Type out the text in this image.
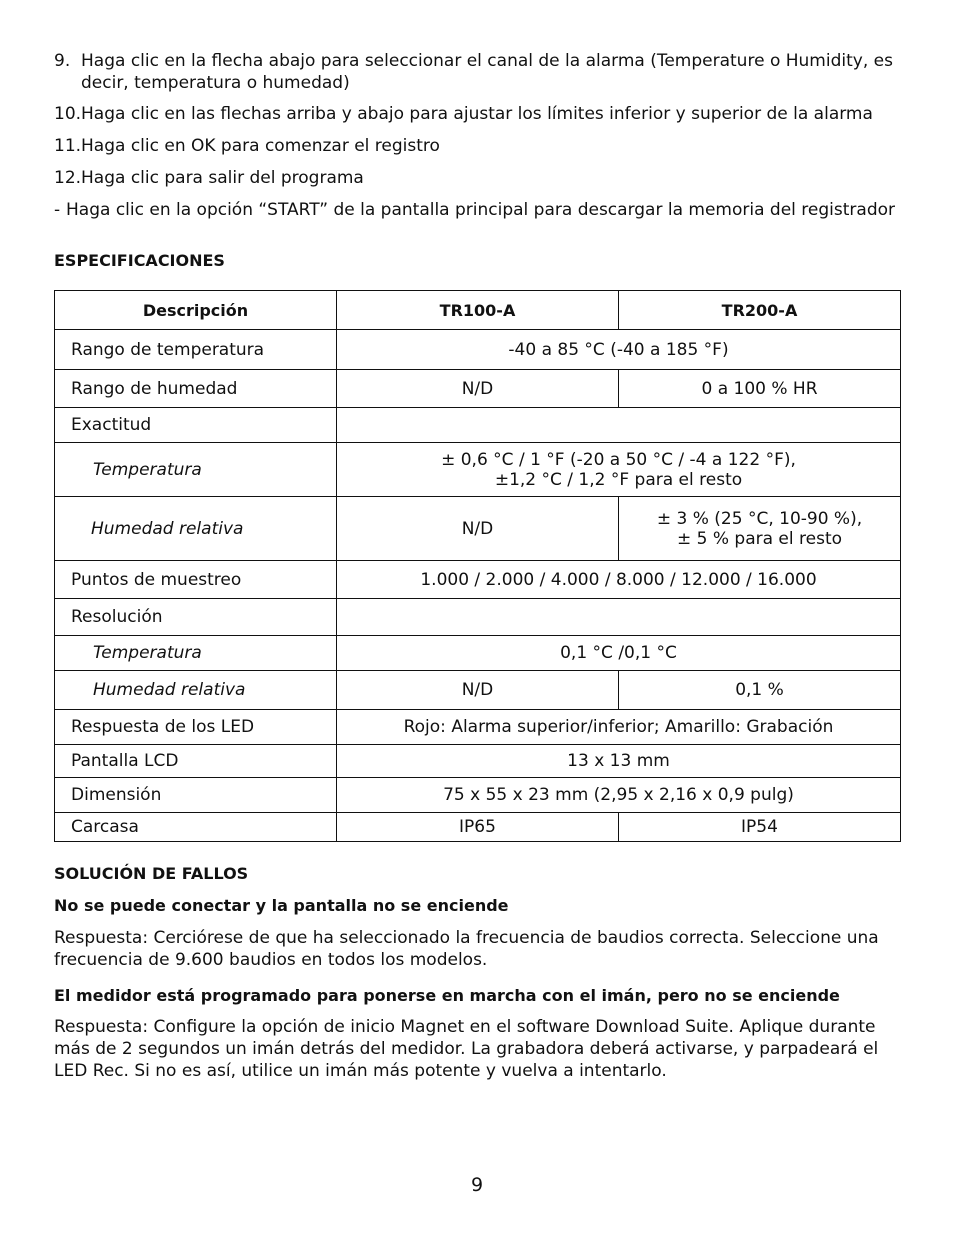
9. Haga clic en la flecha abajo para seleccionar el canal de la alarma (Temperature o Humidity, es decir, temperatura o humedad)
10. Haga clic en las flechas arriba y abajo para ajustar los límites inferior y superior de la alarma
11. Haga clic en OK para comenzar el registro
12. Haga clic para salir del programa
- Haga clic en la opción “START” de la pantalla principal para descargar la memoria del registrador
ESPECIFICACIONES
Descripción	TR100-A	TR200-A
Rango de temperatura	-40 a 85 °C (-40 a 185 °F)	
Rango de humedad	N/D	0 a 100 % HR
Exactitud		
Temperatura	± 0,6 °C / 1 °F (-20 a 50 °C / -4 a 122 °F),
±1,2 °C / 1,2 °F para el resto	

Humedad relativa	N/D	± 3 % (25 °C, 10-90 %),
± 5 % para el resto

Puntos de muestreo	1.000 / 2.000 / 4.000 / 8.000 / 12.000 / 16.000	
Resolución		
Temperatura	0,1 °C /0,1 °C	
Humedad relativa	N/D	0,1 %
Respuesta de los LED	Rojo: Alarma superior/inferior; Amarillo: Grabación	
Pantalla LCD	13 x 13 mm	
Dimensión	75 x 55 x 23 mm (2,95 x 2,16 x 0,9 pulg)	
Carcasa	IP65	IP54
SOLUCIÓN DE FALLOS
No se puede conectar y la pantalla no se enciende

Respuesta: Cerciórese de que ha seleccionado la frecuencia de baudios correcta. Seleccione una frecuencia de 9.600 baudios en todos los modelos.

El medidor está programado para ponerse en marcha con el imán, pero no se enciende

Respuesta: Configure la opción de inicio Magnet en el software Download Suite. Aplique durante más de 2 segundos un imán detrás del medidor. La grabadora deberá activarse, y parpadeará el LED Rec. Si no es así, utilice un imán más potente y vuelva a intentarlo.

9
